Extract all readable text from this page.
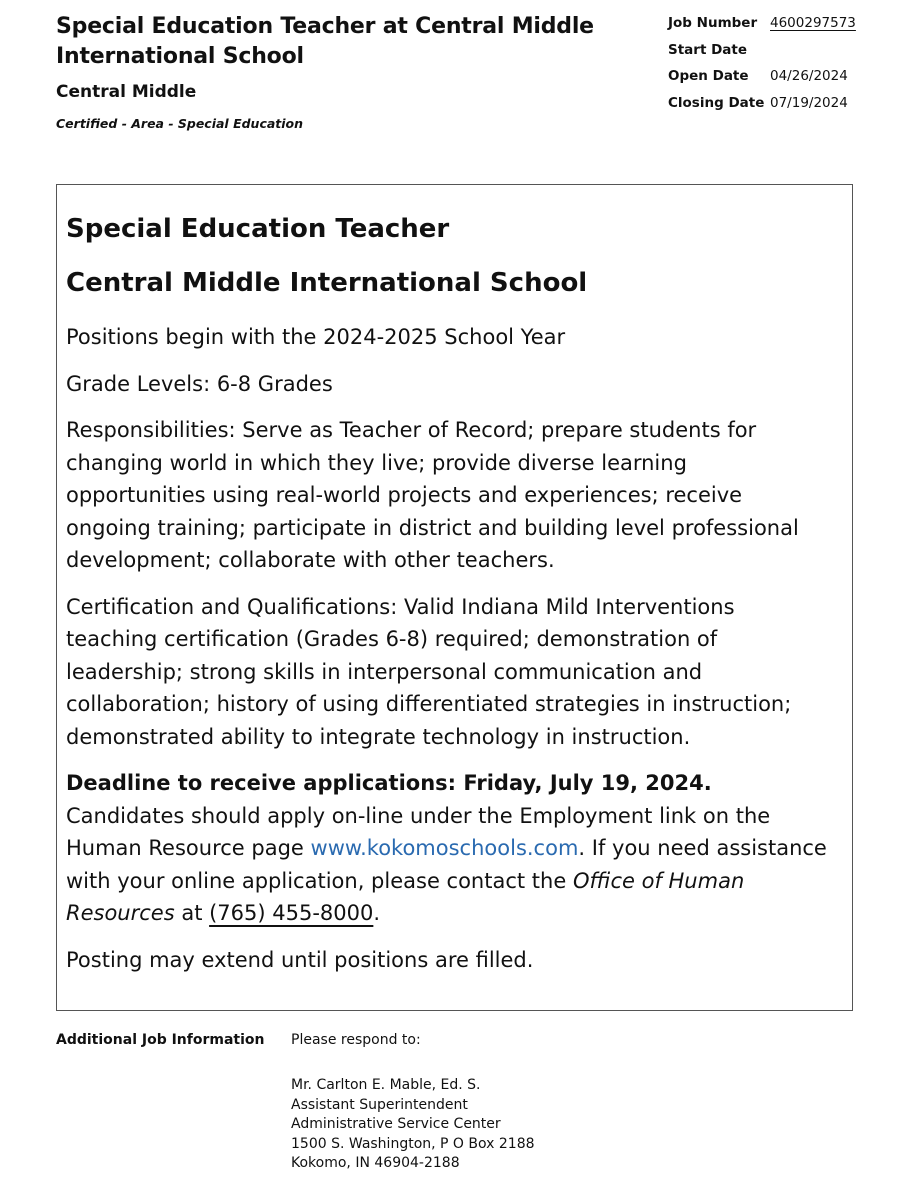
Special Education Teacher at Central Middle International School
Central Middle
Certified - Area - Special Education
Job Number 4600297573
Start Date
Open Date	04/26/2024
Closing Date 07/19/2024
Special Education Teacher
Central Middle International School

Positions begin with the 2024-2025 School Year

Grade Levels: 6-8 Grades

Responsibilities: Serve as Teacher of Record; prepare students for changing world in which they live; provide diverse learning opportunities using real-world projects and experiences; receive ongoing training; participate in district and building level professional development; collaborate with other teachers.

Certification and Qualifications: Valid Indiana Mild Interventions teaching certification (Grades 6-8) required; demonstration of leadership; strong skills in interpersonal communication and collaboration; history of using differentiated strategies in instruction; demonstrated ability to integrate technology in instruction.

Deadline to receive applications: Friday, July 19, 2024. Candidates should apply on-line under the Employment link on the Human Resource page www.kokomoschools.com. If you need assistance with your online application, please contact the Office of Human Resources at (765) 455-8000.

Posting may extend until positions are filled.

Additional Job Information Please respond to:
Mr. Carlton E. Mable, Ed. S.
Assistant Superintendent
Administrative Service Center
1500 S. Washington, P O Box 2188
Kokomo, IN 46904-2188
